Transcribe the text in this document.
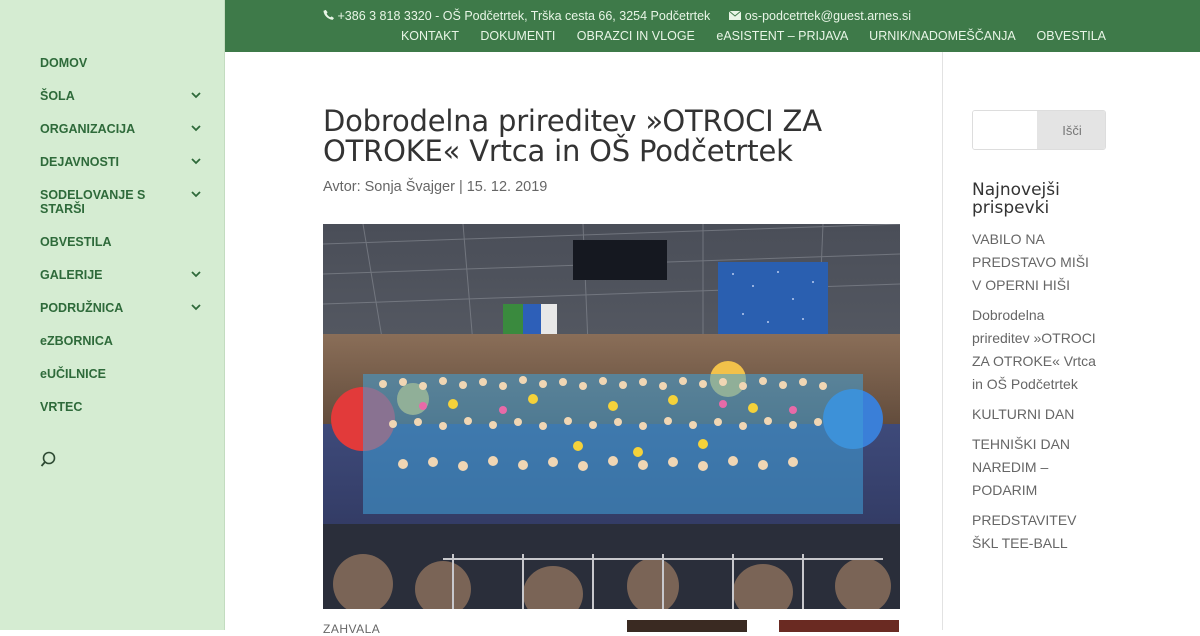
DOMOV
ŠOLA
ORGANIZACIJA
DEJAVNOSTI
SODELOVANJE S STARŠI
OBVESTILA
GALERIJE
PODRUŽNICA
eZBORNICA
eUČILNICE
VRTEC
+386 3 818 3320 - OŠ Podčetrtek, Trška cesta 66, 3254 Podčetrtek	os-podcetrtek@guest.arnes.si
KONTAKT DOKUMENTI OBRAZCI IN VLOGE eASISTENT – PRIJAVA URNIK/NADOMEŠČANJA OBVESTILA
Dobrodelna prireditev »OTROCI ZA OTROKE« Vrtca in OŠ Podčetrtek
Avtor: Sonja Švajger | 15. 12. 2019
ZAHVALA
Išči
Najnovejši prispevki
VABILO NA PREDSTAVO MIŠI V OPERNI HIŠI
Dobrodelna prireditev »OTROCI ZA OTROKE« Vrtca in OŠ Podčetrtek
KULTURNI DAN
TEHNIŠKI DAN NAREDIM – PODARIM
PREDSTAVITEV ŠKL TEE-BALL
